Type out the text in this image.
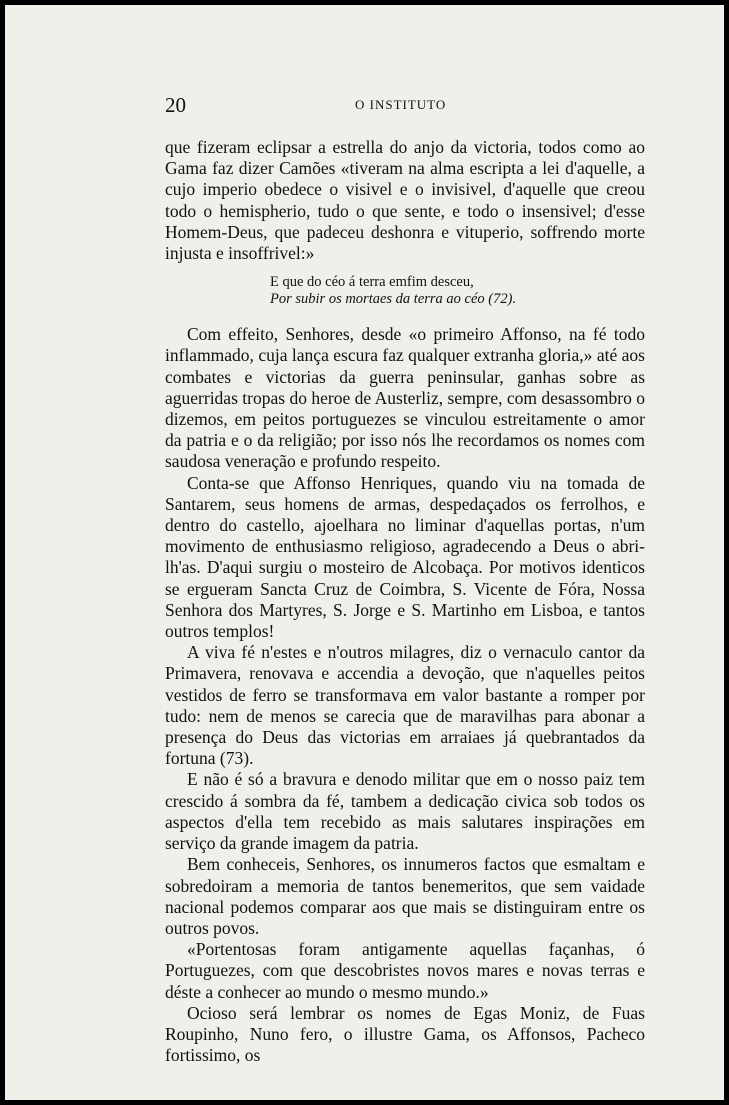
20	O INSTITUTO

que fizeram eclipsar a estrella do anjo da victoria, todos como ao Gama faz dizer Camões «tiveram na alma escripta a lei d'aquelle, a cujo imperio obedece o visivel e o invisivel, d'aquelle que creou todo o hemispherio, tudo o que sente, e todo o insensivel; d'esse Homem-Deus, que padeceu deshonra e vituperio, soffrendo morte injusta e insoffrivel:»

E que do céo á terra emfim desceu,
Por subir os mortaes da terra ao céo (72).

Com effeito, Senhores, desde «o primeiro Affonso, na fé todo inflammado, cuja lança escura faz qualquer extranha gloria,» até aos combates e victorias da guerra peninsular, ganhas sobre as aguerridas tropas do heroe de Austerliz, sempre, com desassombro o dizemos, em peitos portuguezes se vinculou estreitamente o amor da patria e o da religião; por isso nós lhe recordamos os nomes com saudosa veneração e profundo respeito.

Conta-se que Affonso Henriques, quando viu na tomada de Santarem, seus homens de armas, despedaçados os ferrolhos, e dentro do castello, ajoelhara no liminar d'aquellas portas, n'um movimento de enthusiasmo religioso, agradecendo a Deus o abri-lh'as. D'aqui surgiu o mosteiro de Alcobaça. Por motivos identicos se ergueram Sancta Cruz de Coimbra, S. Vicente de Fóra, Nossa Senhora dos Martyres, S. Jorge e S. Martinho em Lisboa, e tantos outros templos!

A viva fé n'estes e n'outros milagres, diz o vernaculo cantor da Primavera, renovava e accendia a devoção, que n'aquelles peitos vestidos de ferro se transformava em valor bastante a romper por tudo: nem de menos se carecia que de maravilhas para abonar a presença do Deus das victorias em arraiaes já quebrantados da fortuna (73).

E não é só a bravura e denodo militar que em o nosso paiz tem crescido á sombra da fé, tambem a dedicação civica sob todos os aspectos d'ella tem recebido as mais salutares inspirações em serviço da grande imagem da patria.

Bem conheceis, Senhores, os innumeros factos que esmaltam e sobredoiram a memoria de tantos benemeritos, que sem vaidade nacional podemos comparar aos que mais se distinguiram entre os outros povos.

«Portentosas foram antigamente aquellas façanhas, ó Portuguezes, com que descobristes novos mares e novas terras e déste a conhecer ao mundo o mesmo mundo.»

Ocioso será lembrar os nomes de Egas Moniz, de Fuas Roupinho, Nuno fero, o illustre Gama, os Affonsos, Pacheco fortissimo, os
